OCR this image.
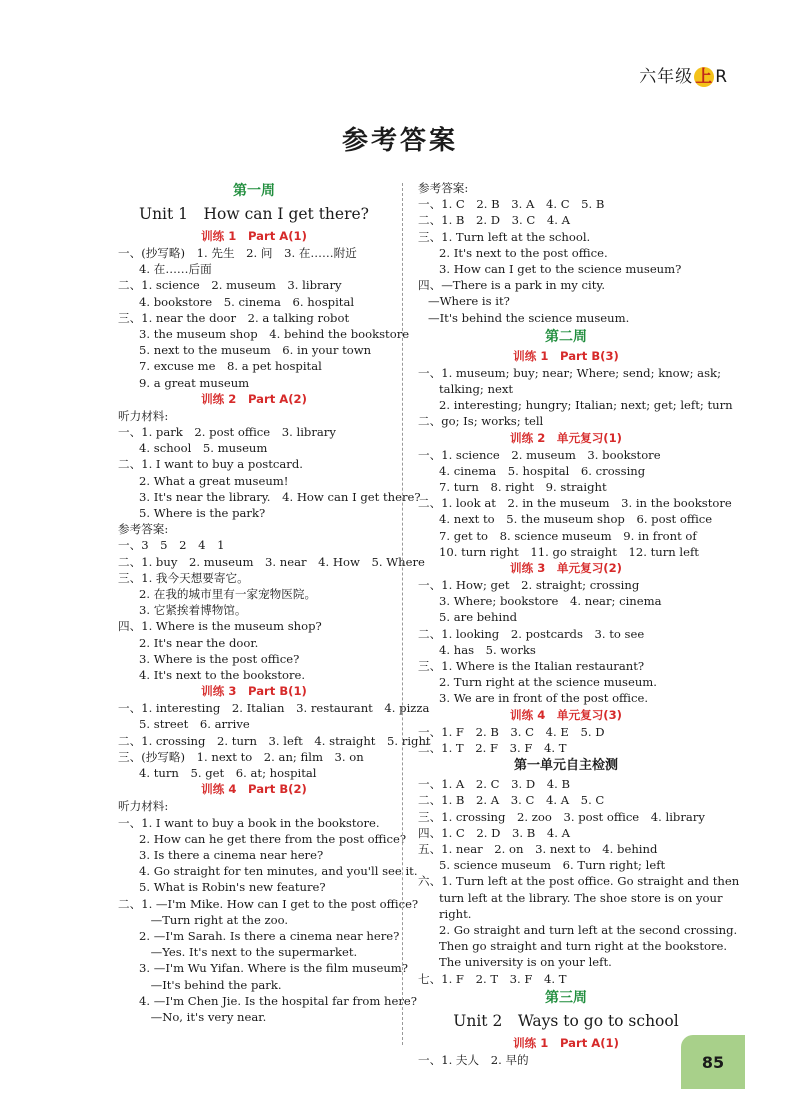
六年级 上 R
参考答案
第一周
Unit 1　How can I get there?
训练 1　Part A(1)
一、(抄写略)　1. 先生　2. 问　3. 在……附近
4. 在……后面
二、1. science　2. museum　3. library
4. bookstore　5. cinema　6. hospital
三、1. near the door　2. a talking robot
3. the museum shop　4. behind the bookstore
5. next to the museum　6. in your town
7. excuse me　8. a pet hospital
9. a great museum
训练 2　Part A(2)
听力材料:
一、1. park　2. post office　3. library
4. school　5. museum
二、1. I want to buy a postcard.
2. What a great museum!
3. It's near the library.　4. How can I get there?
5. Where is the park?
参考答案:
一、3　5　2　4　1
二、1. buy　2. museum　3. near　4. How　5. Where
三、1. 我今天想要寄它。
2. 在我的城市里有一家宠物医院。
3. 它紧挨着博物馆。
四、1. Where is the museum shop?
2. It's near the door.
3. Where is the post office?
4. It's next to the bookstore.
训练 3　Part B(1)
一、1. interesting　2. Italian　3. restaurant　4. pizza
5. street　6. arrive
二、1. crossing　2. turn　3. left　4. straight　5. right
三、(抄写略)　1. next to　2. an; film　3. on
4. turn　5. get　6. at; hospital
训练 4　Part B(2)
听力材料:
一、1. I want to buy a book in the bookstore.
2. How can he get there from the post office?
3. Is there a cinema near here?
4. Go straight for ten minutes, and you'll see it.
5. What is Robin's new feature?
二、1. —I'm Mike. How can I get to the post office?
　—Turn right at the zoo.
2. —I'm Sarah. Is there a cinema near here?
　—Yes. It's next to the supermarket.
3. —I'm Wu Yifan. Where is the film museum?
　—It's behind the park.
4. —I'm Chen Jie. Is the hospital far from here?
　—No, it's very near.
参考答案:
一、1. C　2. B　3. A　4. C　5. B
二、1. B　2. D　3. C　4. A
三、1. Turn left at the school.
2. It's next to the post office.
3. How can I get to the science museum?
四、—There is a park in my city.
—Where is it?
—It's behind the science museum.
第二周
训练 1　Part B(3)
一、1. museum; buy; near; Where; send; know; ask;
talking; next
2. interesting; hungry; Italian; next; get; left; turn
二、go; Is; works; tell
训练 2　单元复习(1)
一、1. science　2. museum　3. bookstore
4. cinema　5. hospital　6. crossing
7. turn　8. right　9. straight
二、1. look at　2. in the museum　3. in the bookstore
4. next to　5. the museum shop　6. post office
7. get to　8. science museum　9. in front of
10. turn right　11. go straight　12. turn left
训练 3　单元复习(2)
一、1. How; get　2. straight; crossing
3. Where; bookstore　4. near; cinema
5. are behind
二、1. looking　2. postcards　3. to see
4. has　5. works
三、1. Where is the Italian restaurant?
2. Turn right at the science museum.
3. We are in front of the post office.
训练 4　单元复习(3)
一、1. F　2. B　3. C　4. E　5. D
二、1. T　2. F　3. F　4. T
第一单元自主检测
一、1. A　2. C　3. D　4. B
二、1. B　2. A　3. C　4. A　5. C
三、1. crossing　2. zoo　3. post office　4. library
四、1. C　2. D　3. B　4. A
五、1. near　2. on　3. next to　4. behind
5. science museum　6. Turn right; left
六、1. Turn left at the post office. Go straight and then
turn left at the library. The shoe store is on your
right.
2. Go straight and turn left at the second crossing.
Then go straight and turn right at the bookstore.
The university is on your left.
七、1. F　2. T　3. F　4. T
第三周
Unit 2　Ways to go to school
训练 1　Part A(1)
一、1. 夫人　2. 早的	85
